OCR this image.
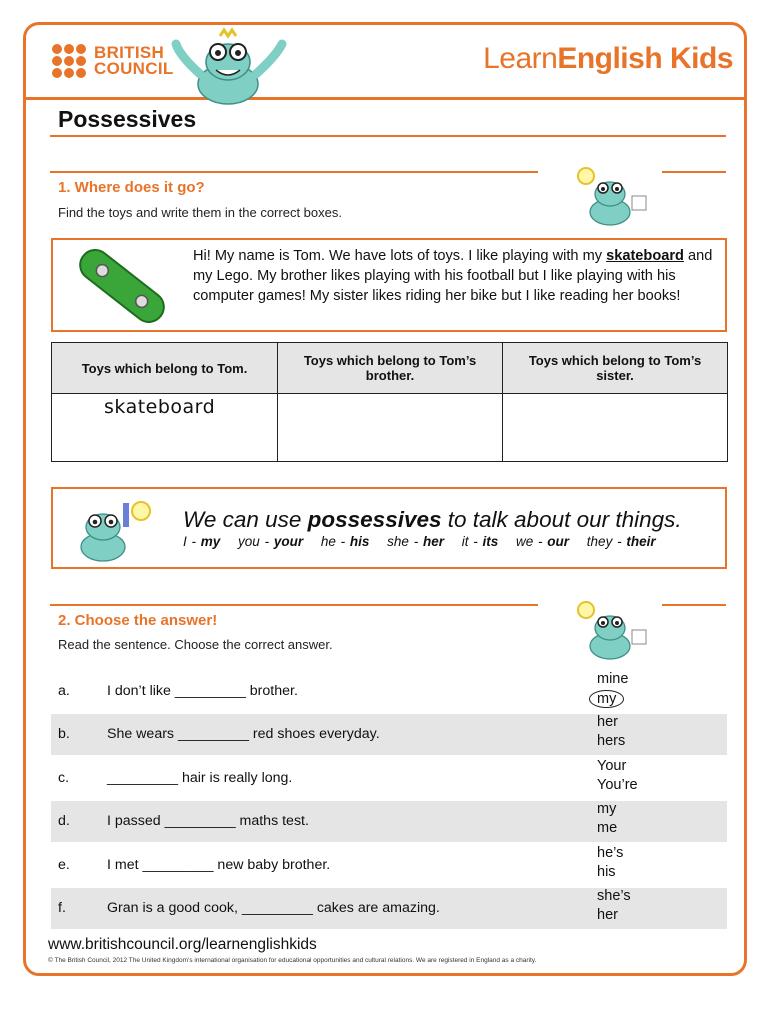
BRITISH
COUNCIL	LearnEnglish Kids
Possessives
1. Where does it go?
Find the toys and write them in the correct boxes.
Hi! My name is Tom. We have lots of toys. I like playing with my skateboard and my Lego. My brother likes playing with his football but I like playing with his computer games! My sister likes riding her bike but I like reading her books!
Toys which belong to Tom.	Toys which belong to Tom’s brother.	Toys which belong to Tom’s sister.
skateboard		
We can use possessives to talk about our things.
I - my you - your he - his she - her it - its we - our they - their
2. Choose the answer!
Read the sentence. Choose the correct answer.
a.	I don’t like _________ brother.
mine
my
b.	She wears _________ red shoes everyday.
her
hers
c.	_________ hair is really long.
Your
You’re
d.	I passed _________ maths test.
my
me
e.	I met _________ new baby brother.
he’s
his
f.	Gran is a good cook, _________ cakes are amazing.
she’s
her
www.britishcouncil.org/learnenglishkids
© The British Council, 2012 The United Kingdom’s international organisation for educational opportunities and cultural relations. We are registered in England as a charity.
